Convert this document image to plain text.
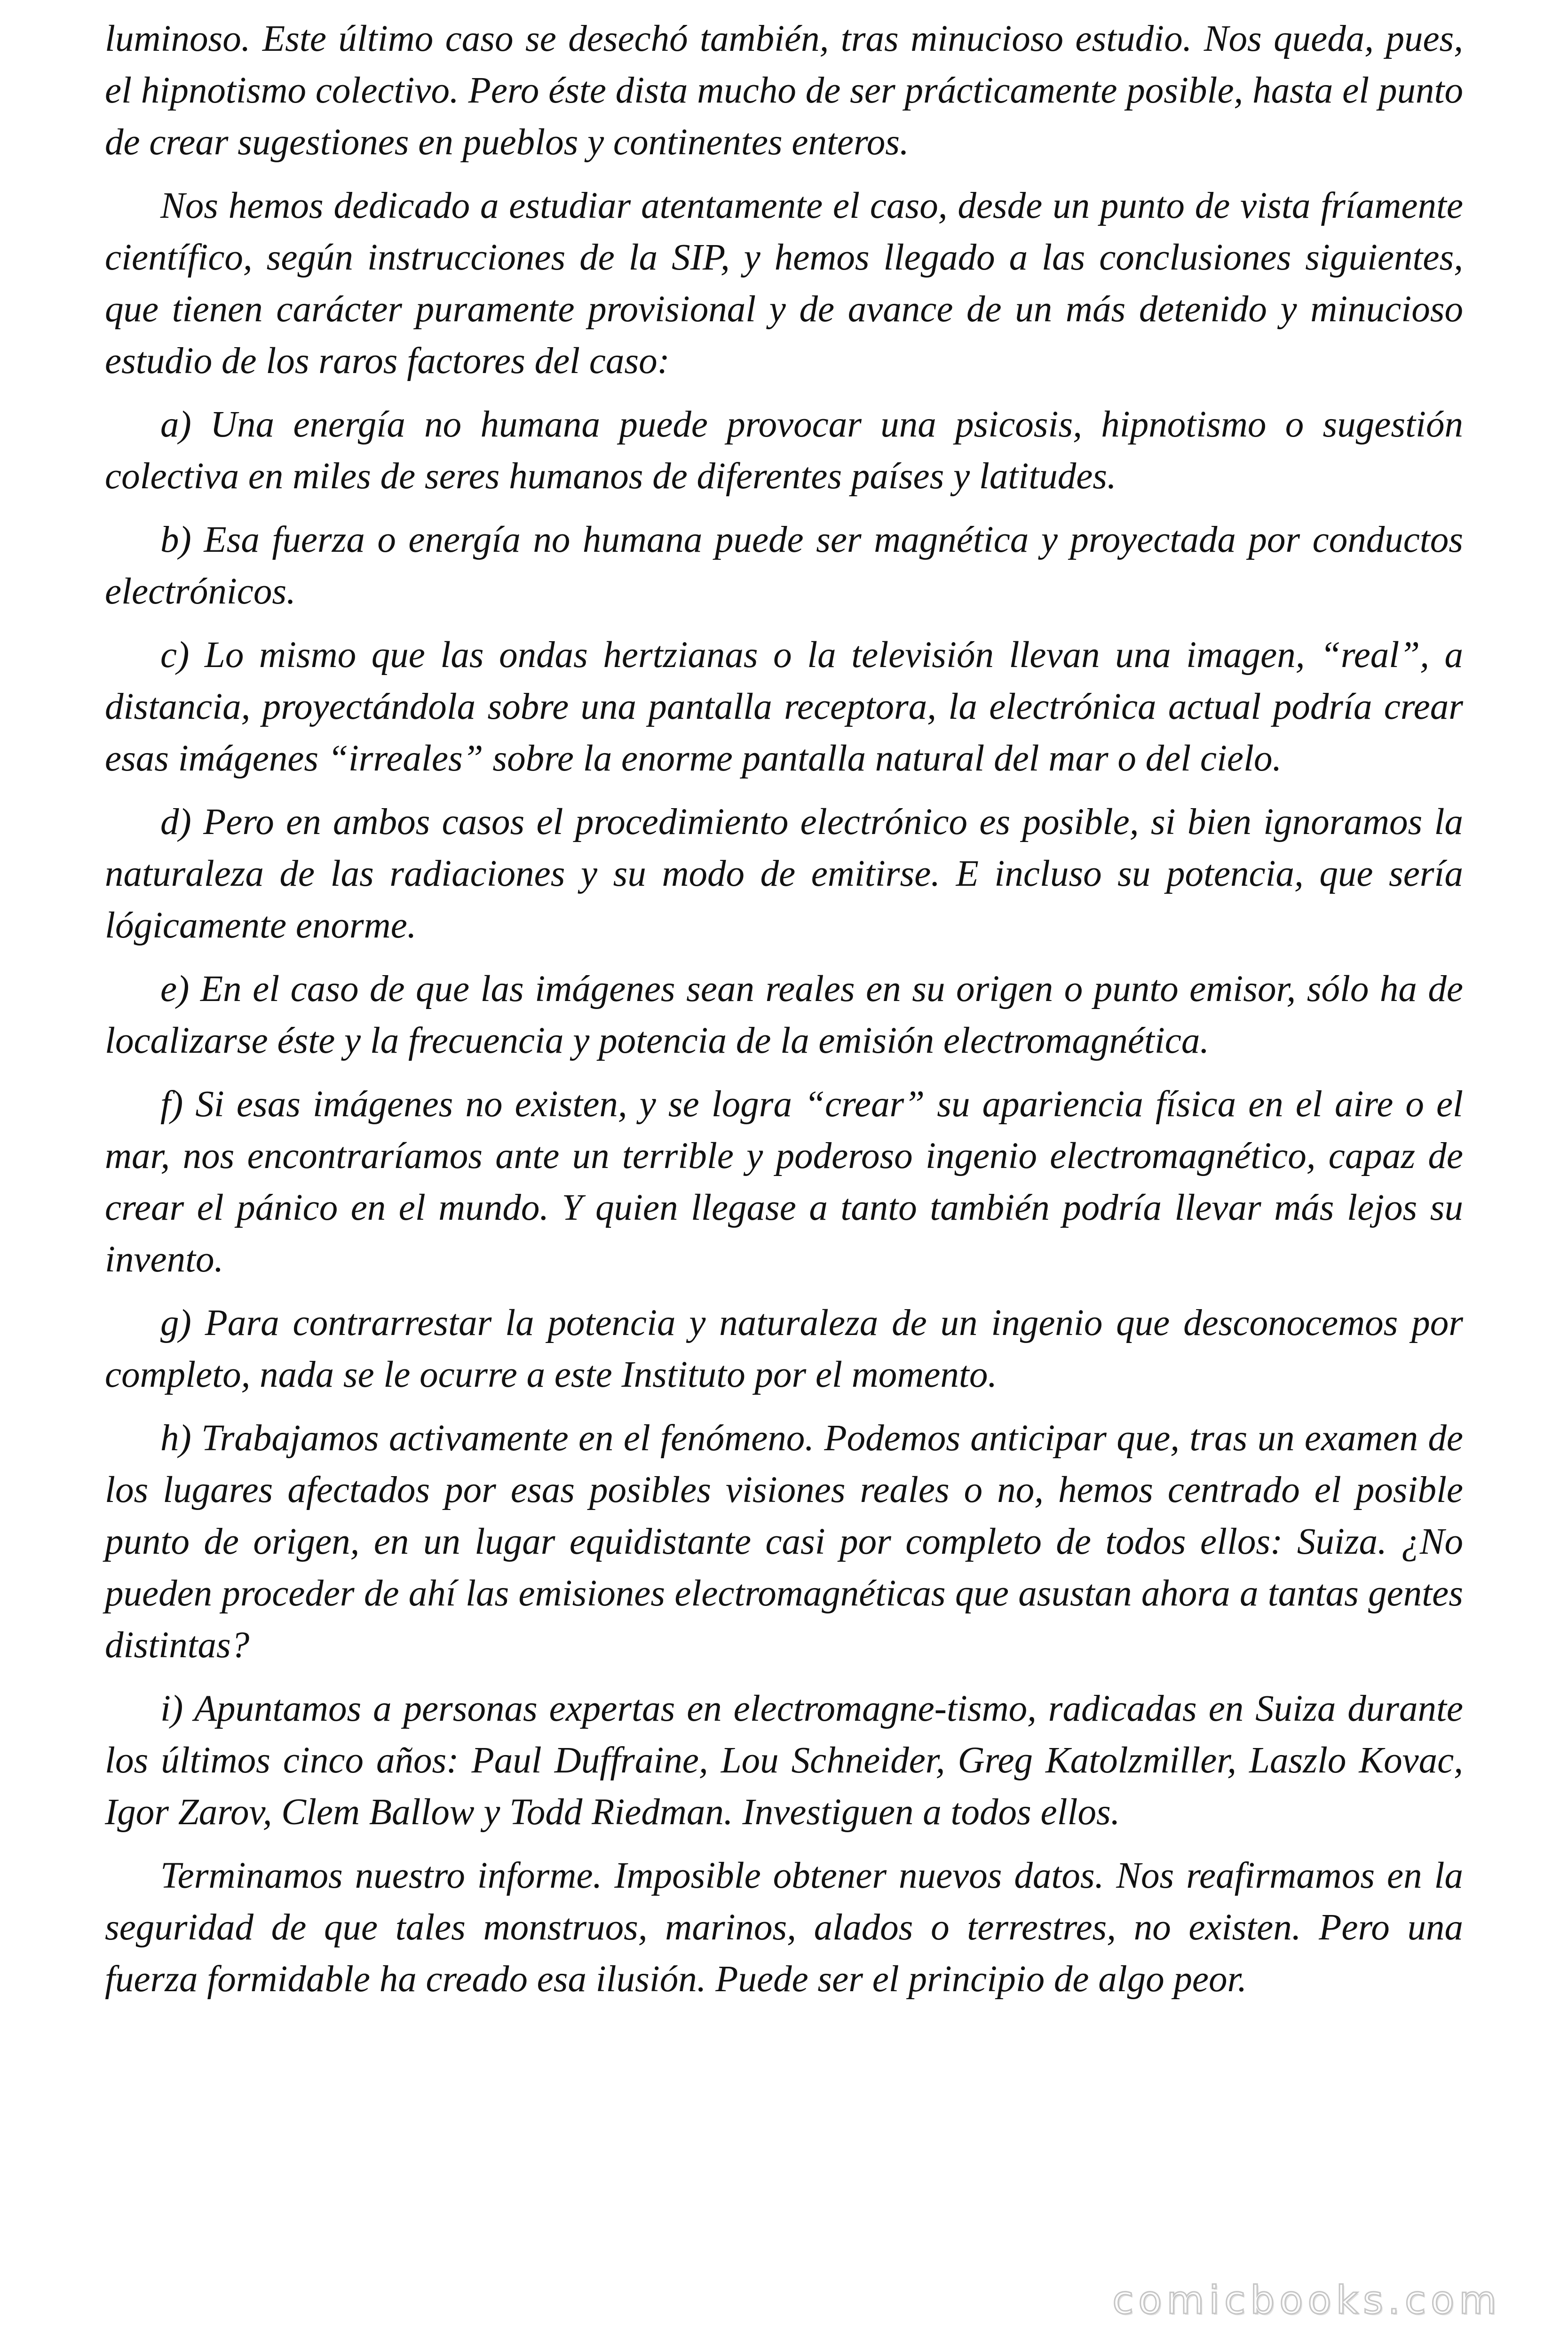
luminoso. Este último caso se desechó también, tras minucioso estudio. Nos queda, pues, el hipnotismo colectivo. Pero éste dista mucho de ser prácticamente posible, hasta el punto de crear sugestiones en pueblos y continentes enteros.

Nos hemos dedicado a estudiar atentamente el caso, desde un punto de vista fríamente científico, según instrucciones de la SIP, y hemos llegado a las conclusiones siguientes, que tienen carácter puramente provisional y de avance de un más detenido y minucioso estudio de los raros factores del caso:

a) Una energía no humana puede provocar una psicosis, hipnotismo o sugestión colectiva en miles de seres humanos de diferentes países y latitudes.

b) Esa fuerza o energía no humana puede ser magnética y proyectada por conductos electrónicos.

c) Lo mismo que las ondas hertzianas o la televisión llevan una imagen, “real”, a distancia, proyectándola sobre una pantalla receptora, la electrónica actual podría crear esas imágenes “irreales” sobre la enorme pantalla natural del mar o del cielo.

d) Pero en ambos casos el procedimiento electrónico es posible, si bien ignoramos la naturaleza de las radiaciones y su modo de emitirse. E incluso su potencia, que sería lógicamente enorme.

e) En el caso de que las imágenes sean reales en su origen o punto emisor, sólo ha de localizarse éste y la frecuencia y potencia de la emisión electromagnética.

f) Si esas imágenes no existen, y se logra “crear” su apariencia física en el aire o el mar, nos encontraríamos ante un terrible y poderoso ingenio electromagnético, capaz de crear el pánico en el mundo. Y quien llegase a tanto también podría llevar más lejos su invento.

g) Para contrarrestar la potencia y naturaleza de un ingenio que desconocemos por completo, nada se le ocurre a este Instituto por el momento.

h) Trabajamos activamente en el fenómeno. Podemos anticipar que, tras un examen de los lugares afectados por esas posibles visiones reales o no, hemos centrado el posible punto de origen, en un lugar equidistante casi por completo de todos ellos: Suiza. ¿No pueden proceder de ahí las emisiones electromagnéticas que asustan ahora a tantas gentes distintas?

i) Apuntamos a personas expertas en electromagne-tismo, radicadas en Suiza durante los últimos cinco años: Paul Duffraine, Lou Schneider, Greg Katolzmiller, Laszlo Kovac, Igor Zarov, Clem Ballow y Todd Riedman. Investiguen a todos ellos.

Terminamos nuestro informe. Imposible obtener nuevos datos. Nos reafirmamos en la seguridad de que tales monstruos, marinos, alados o terrestres, no existen. Pero una fuerza formidable ha creado esa ilusión. Puede ser el principio de algo peor.

comicbooks.com
